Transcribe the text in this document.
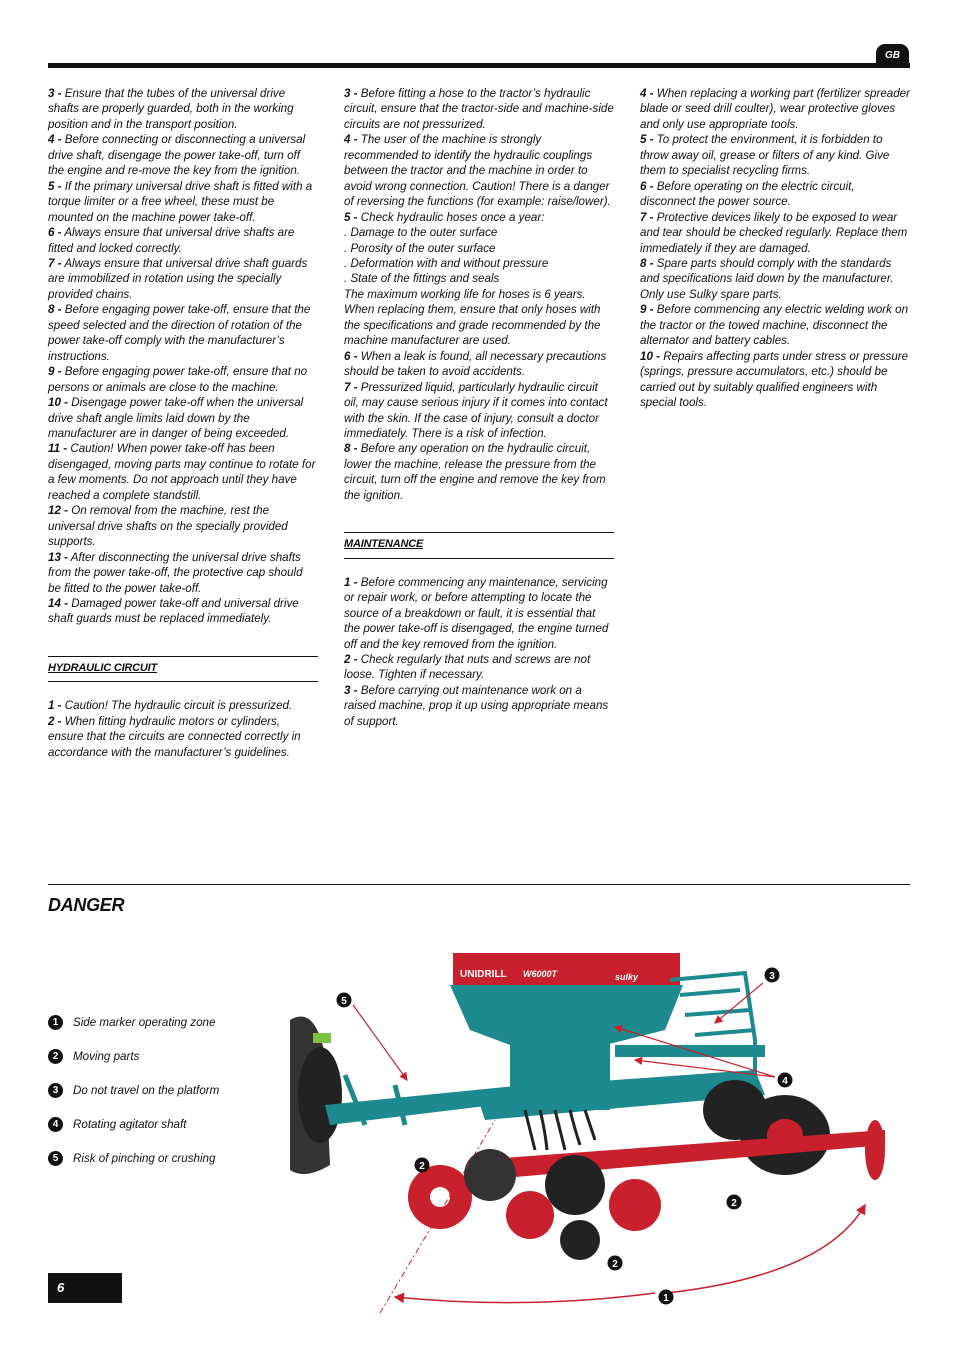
GB

3 - Ensure that the tubes of the universal drive shafts are properly guarded, both in the working position and in the transport position.

4 - Before connecting or disconnecting a universal drive shaft, disengage the power take-off, turn off the engine and re-move the key from the ignition.

5 - If the primary universal drive shaft is fitted with a torque limiter or a free wheel, these must be mounted on the machine power take-off.

6 - Always ensure that universal drive shafts are fitted and locked correctly.

7 - Always ensure that universal drive shaft guards are immobilized in rotation using the specially provided chains.

8 - Before engaging power take-off, ensure that the speed selected and the direction of rotation of the power take-off comply with the manufacturer’s instructions.

9 - Before engaging power take-off, ensure that no persons or animals are close to the machine.

10 - Disengage power take-off when the universal drive shaft angle limits laid down by the manufacturer are in danger of being exceeded.

11 - Caution! When power take-off has been disengaged, moving parts may continue to rotate for a few moments. Do not approach until they have reached a complete standstill.

12 - On removal from the machine, rest the universal drive shafts on the specially provided supports.

13 - After disconnecting the universal drive shafts from the power take-off, the protective cap should be fitted to the power take-off.

14 - Damaged power take-off and universal drive shaft guards must be replaced immediately.

HYDRAULIC CIRCUIT

1 - Caution! The hydraulic circuit is pressurized.

2 - When fitting hydraulic motors or cylinders, ensure that the circuits are connected correctly in accordance with the manufacturer’s guidelines.

3 - Before fitting a hose to the tractor’s hydraulic circuit, ensure that the tractor-side and machine-side circuits are not pressurized.

4 - The user of the machine is strongly recommended to identify the hydraulic couplings between the tractor and the machine in order to avoid wrong connection. Caution! There is a danger of reversing the functions (for example: raise/lower).

5 - Check hydraulic hoses once a year:

. Damage to the outer surface

. Porosity of the outer surface

. Deformation with and without pressure

. State of the fittings and seals

The maximum working life for hoses is 6 years. When replacing them, ensure that only hoses with the specifications and grade recommended by the machine manufacturer are used.

6 - When a leak is found, all necessary precautions should be taken to avoid accidents.

7 - Pressurized liquid, particularly hydraulic circuit oil, may cause serious injury if it comes into contact with the skin. If the case of injury, consult a doctor immediately. There is a risk of infection.

8 - Before any operation on the hydraulic circuit, lower the machine, release the pressure from the circuit, turn off the engine and remove the key from the ignition.

MAINTENANCE

1 - Before commencing any maintenance, servicing or repair work, or before attempting to locate the source of a breakdown or fault, it is essential that the power take-off is disengaged, the engine turned off and the key removed from the ignition.

2 - Check regularly that nuts and screws are not loose. Tighten if necessary.

3 - Before carrying out maintenance work on a raised machine, prop it up using appropriate means of support.

4 - When replacing a working part (fertilizer spreader blade or seed drill coulter), wear protective gloves and only use appropriate tools.

5 - To protect the environment, it is forbidden to throw away oil, grease or filters of any kind. Give them to specialist recycling firms.

6 - Before operating on the electric circuit, disconnect the power source.

7 - Protective devices likely to be exposed to wear and tear should be checked regularly. Replace them immediately if they are damaged.

8 - Spare parts should comply with the standards and specifications laid down by the manufacturer. Only use Sulky spare parts.

9 - Before commencing any electric welding work on the tractor or the towed machine, disconnect the alternator and battery cables.

10 - Repairs affecting parts under stress or pressure (springs, pressure accumulators, etc.) should be carried out by suitably qualified engineers with special tools.

DANGER
1	Side marker operating zone
2	Moving parts
3	Do not travel on the platform
4	Rotating agitator shaft
5	Risk of pinching or crushing
UNIDRILL W6000T	sulky
5
3
4
2
2
2
1
6
